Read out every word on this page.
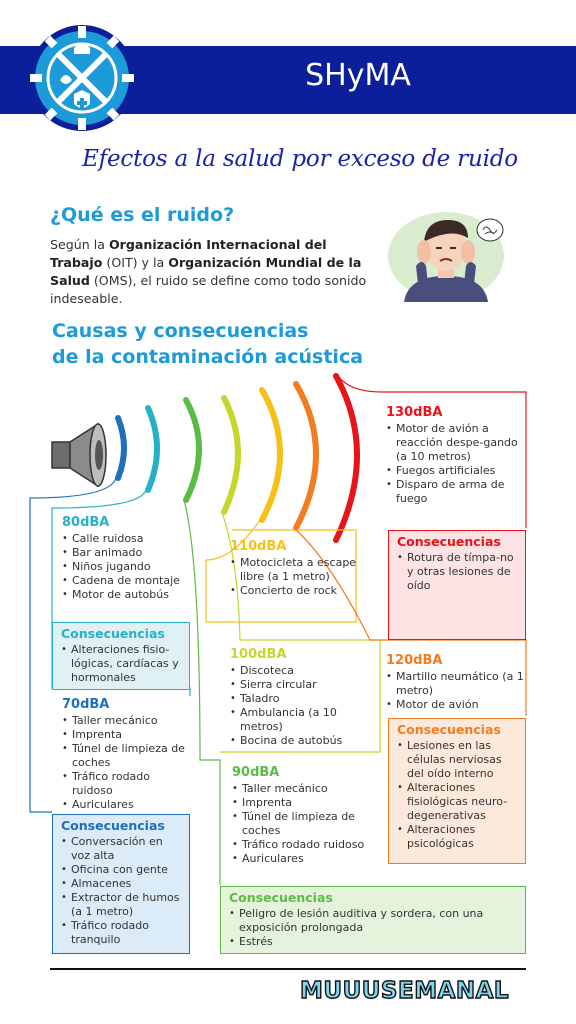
SHyMA
Efectos a la salud por exceso de ruido
¿Qué es el ruido?
Según la Organización Internacional del Trabajo (OIT) y la Organización Mundial de la Salud (OMS), el ruido se define como todo sonido indeseable.
Causas y consecuencias
de la contaminación acústica
130dBA
• Motor de avión a reacción despe-gando (a 10 metros)
• Fuegos artificiales
• Disparo de arma de fuego
Consecuencias
• Rotura de tímpa-no y otras lesiones de oído
120dBA
• Martillo neumático (a 1 metro)
• Motor de avión
Consecuencias
• Lesiones en las células nerviosas del oído interno
• Alteraciones fisiológicas neuro-degenerativas
• Alteraciones psicológicas
110dBA
• Motocicleta a escape libre (a 1 metro)
• Concierto de rock
100dBA
• Discoteca
• Sierra circular
• Taladro
• Ambulancia (a 10 metros)
• Bocina de autobús
90dBA
• Taller mecánico
• Imprenta
• Túnel de limpieza de coches
• Tráfico rodado ruidoso
• Auriculares
Consecuencias
• Peligro de lesión auditiva y sordera, con una exposición prolongada
• Estrés
80dBA
• Calle ruidosa
• Bar animado
• Niños jugando
• Cadena de montaje
• Motor de autobús
Consecuencias
• Alteraciones fisio-lógicas, cardíacas y hormonales
70dBA
• Taller mecánico
• Imprenta
• Túnel de limpieza de coches
• Tráfico rodado ruidoso
• Auriculares
Consecuencias
• Conversación en voz alta
• Oficina con gente
• Almacenes
• Extractor de humos (a 1 metro)
• Tráfico rodado tranquilo
MUUUSEMANAL
